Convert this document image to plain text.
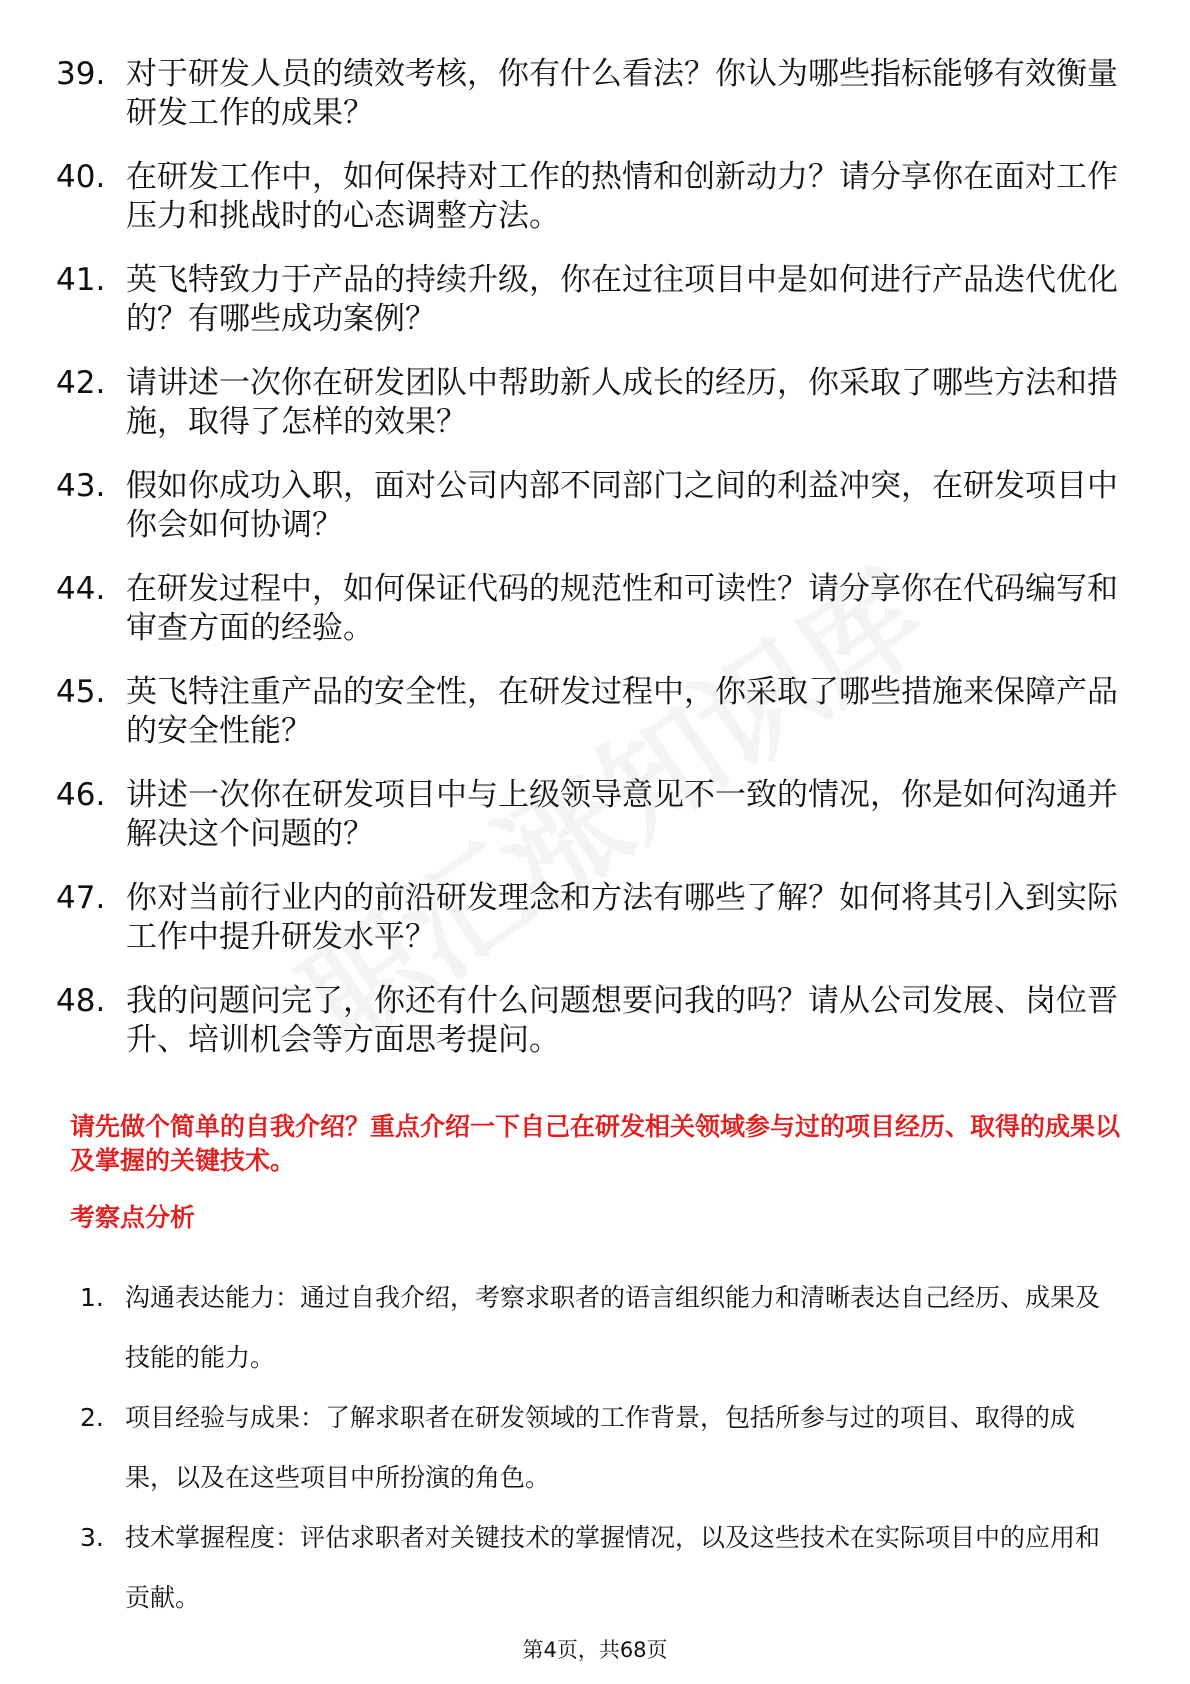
39. 对于研发人员的绩效考核，你有什么看法？你认为哪些指标能够有效衡量研发工作的成果？
40. 在研发工作中，如何保持对工作的热情和创新动力？请分享你在面对工作压力和挑战时的心态调整方法。
41. 英飞特致力于产品的持续升级，你在过往项目中是如何进行产品迭代优化的？有哪些成功案例？
42. 请讲述一次你在研发团队中帮助新人成长的经历，你采取了哪些方法和措施，取得了怎样的效果？
43. 假如你成功入职，面对公司内部不同部门之间的利益冲突，在研发项目中你会如何协调？
44. 在研发过程中，如何保证代码的规范性和可读性？请分享你在代码编写和审查方面的经验。
45. 英飞特注重产品的安全性，在研发过程中，你采取了哪些措施来保障产品的安全性能？
46. 讲述一次你在研发项目中与上级领导意见不一致的情况，你是如何沟通并解决这个问题的？
47. 你对当前行业内的前沿研发理念和方法有哪些了解？如何将其引入到实际工作中提升研发水平？
48. 我的问题问完了，你还有什么问题想要问我的吗？请从公司发展、岗位晋升、培训机会等方面思考提问。
请先做个简单的自我介绍？重点介绍一下自己在研发相关领域参与过的项目经历、取得的成果以及掌握的关键技术。
考察点分析
1. 沟通表达能力：通过自我介绍，考察求职者的语言组织能力和清晰表达自己经历、成果及技能的能力。
2. 项目经验与成果：了解求职者在研发领域的工作背景，包括所参与过的项目、取得的成果，以及在这些项目中所扮演的角色。
3. 技术掌握程度：评估求职者对关键技术的掌握情况，以及这些技术在实际项目中的应用和贡献。
第4页，共68页
